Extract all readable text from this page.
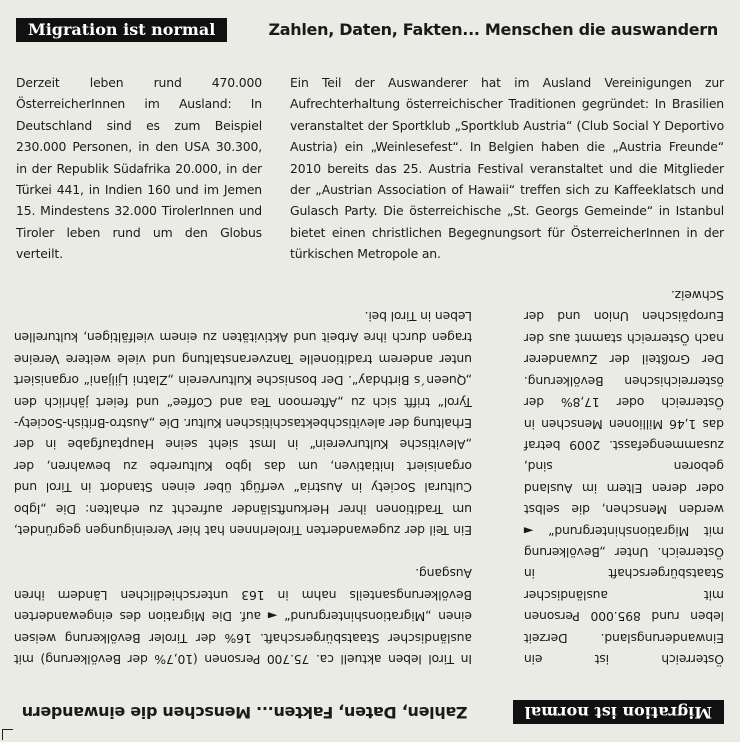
Migration ist normal	Zahlen, Daten, Fakten... Menschen die auswandern
Derzeit leben rund 470.000 ÖsterreicherInnen im Ausland: In Deutschland sind es zum Beispiel 230.000 Personen, in den USA 30.300, in der Republik Südafrika 20.000, in der Türkei 441, in Indien 160 und im Jemen 15. Mindestens 32.000 TirolerInnen und Tiroler leben rund um den Globus verteilt.
Ein Teil der Auswanderer hat im Ausland Vereinigungen zur Aufrechterhaltung österreichischer Traditionen gegründet: In Brasilien veranstaltet der Sportklub „Sportklub Austria“ (Club Social Y Deportivo Austria) ein „Weinlesefest“. In Belgien haben die „Austria Freunde“ 2010 bereits das 25. Austria Festival veranstaltet und die Mitglieder der „Austrian Association of Hawaii“ treffen sich zu Kaffeeklatsch und Gulasch Party. Die österreichische „St. Georgs Gemeinde“ in Istanbul bietet einen christlichen Begegnungsort für ÖsterreicherInnen in der türkischen Metropole an.
Migration ist normal
Zahlen, Daten, Fakten... Menschen die einwandern
Österreich ist ein Einwanderungsland. Derzeit leben rund 895.000 Personen mit ausländischer Staatsbürgerschaft in Österreich. Unter „Bevölkerung mit Migrationshintergrund“ ◄ werden Menschen, die selbst oder deren Eltern im Ausland geboren sind, zusammengefasst. 2009 betraf das 1,46 Millionen Menschen in Österreich oder 17,8% der österreichischen Bevölkerung. Der Großteil der Zuwanderer nach Österreich stammt aus der Europäischen Union und der Schweiz.
In Tirol leben aktuell ca. 75.700 Personen (10,7% der Bevölkerung) mit ausländischer Staatsbürgerschaft. 16% der Tiroler Bevölkerung weisen einen „Migrationshintergrund“ ◄ auf. Die Migration des eingewanderten Bevölkerungsanteils nahm in 163 unterschiedlichen Ländern ihren Ausgang.
Ein Teil der zugewanderten TirolerInnen hat hier Vereinigungen gegründet, um Traditionen ihrer Herkunftsländer aufrecht zu erhalten: Die „Igbo Cultural Society in Austria“ verfügt über einen Standort in Tirol und organisiert Initiativen, um das Igbo Kulturerbe zu bewahren, der „Alevitische Kulturverein“ in Imst sieht seine Hauptaufgabe in der Erhaltung der alevitischbektaschitischen Kultur. Die „Austro-British-Society-Tyrol“ trifft sich zu „Afternoon Tea and Coffee“ und feiert jährlich den „Queen´s Birthday“. Der bosnische Kulturverein „Zlatni Ljiljani“ organisiert unter anderem traditionelle Tanzveranstaltung und viele weitere Vereine tragen durch ihre Arbeit und Aktivitäten zu einem vielfältigen, kulturellen Leben in Tirol bei.
